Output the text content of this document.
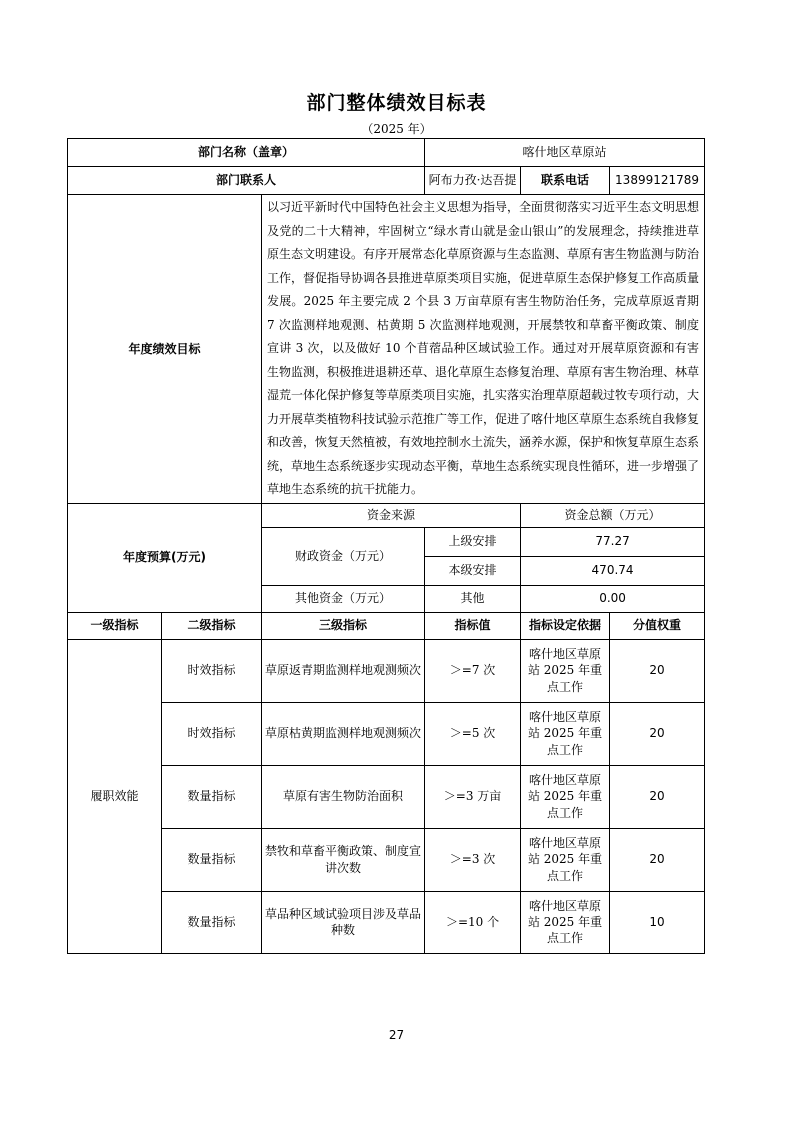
部门整体绩效目标表
（2025 年）
部门名称（盖章）			喀什地区草原站		
部门联系人			阿布力孜·达吾提	联系电话	13899121789
年度绩效目标		以习近平新时代中国特色社会主义思想为指导，全面贯彻落实习近平生态文明思想及党的二十大精神，牢固树立“绿水青山就是金山银山”的发展理念，持续推进草原生态文明建设。有序开展常态化草原资源与生态监测、草原有害生物监测与防治工作，督促指导协调各县推进草原类项目实施，促进草原生态保护修复工作高质量发展。2025 年主要完成 2 个县 3 万亩草原有害生物防治任务，完成草原返青期 7 次监测样地观测、枯黄期 5 次监测样地观测，开展禁牧和草畜平衡政策、制度宣讲 3 次，以及做好 10 个苜蓿品种区域试验工作。通过对开展草原资源和有害生物监测，积极推进退耕还草、退化草原生态修复治理、草原有害生物治理、林草湿荒一体化保护修复等草原类项目实施，扎实落实治理草原超载过牧专项行动，大力开展草类植物科技试验示范推广等工作，促进了喀什地区草原生态系统自我修复和改善，恢复天然植被，有效地控制水土流失，涵养水源，保护和恢复草原生态系统，草地生态系统逐步实现动态平衡，草地生态系统实现良性循环，进一步增强了草地生态系统的抗干扰能力。			
年度预算(万元)		资金来源		资金总额（万元）	
		财政资金（万元）	上级安排	77.27	
			本级安排	470.74	
		其他资金（万元）	其他	0.00	
一级指标	二级指标	三级指标	指标值	指标设定依据	分值权重
履职效能	时效指标	草原返青期监测样地观测频次	＞=7 次	喀什地区草原站 2025 年重点工作	20
	时效指标	草原枯黄期监测样地观测频次	＞=5 次	喀什地区草原站 2025 年重点工作	20
	数量指标	草原有害生物防治面积	＞=3 万亩	喀什地区草原站 2025 年重点工作	20
	数量指标	禁牧和草畜平衡政策、制度宣讲次数	＞=3 次	喀什地区草原站 2025 年重点工作	20
	数量指标	草品种区域试验项目涉及草品种数	＞=10 个	喀什地区草原站 2025 年重点工作	10
27
